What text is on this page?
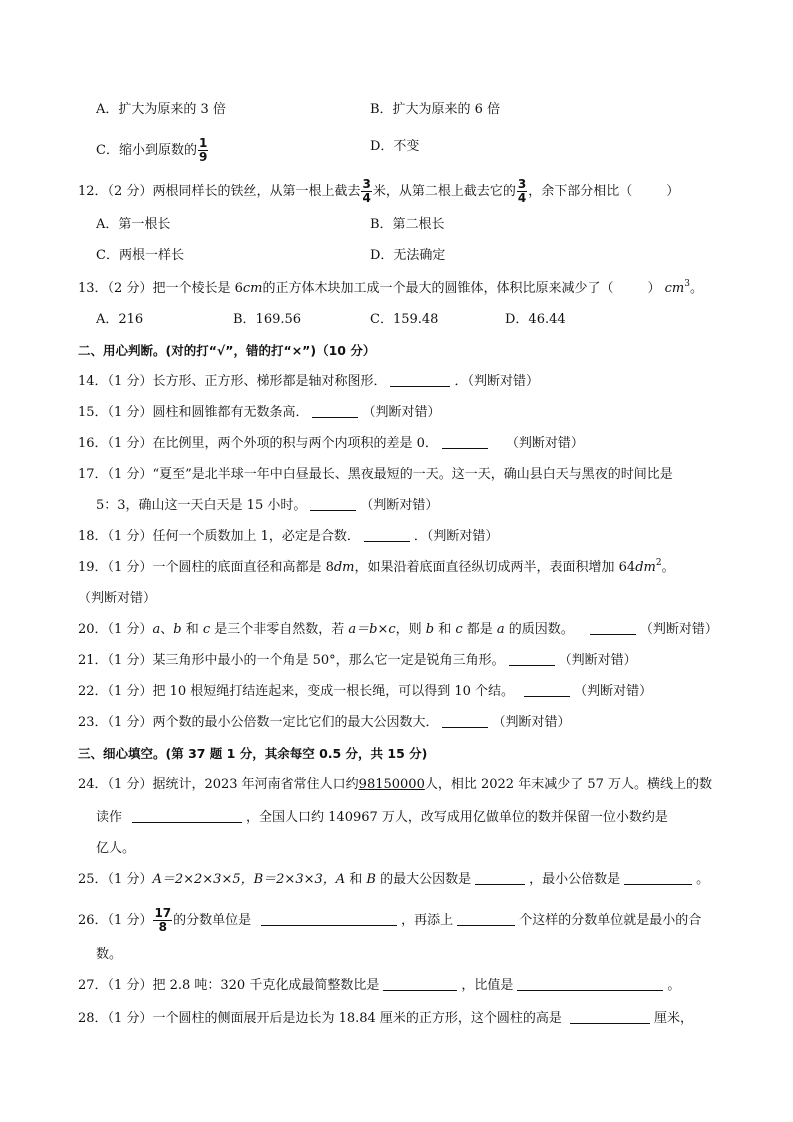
A．扩大为原来的 3 倍	B．扩大为原来的 6 倍
C．缩小到原数的 $\frac{1}{9}$	D．不变
12．（2 分）两根同样长的铁丝，从第一根上截去 $\frac{3}{4}$ 米，从第二根上截去它的 $\frac{3}{4}$ ，余下部分相比（	）
A．第一根长	B．第二根长
C．两根一样长	D．无法确定
13．（2 分）把一个棱长是 6cm的正方体木块加工成一个最大的圆锥体，体积比原来减少了（	） $cm^3$。
A．216	B．169.56	C．159.48	D．46.44
二、用心判断。(对的打“√”，错的打“×”)（10 分）
14．（1 分）长方形、正方形、梯形都是轴对称图形．	．（判断对错）
15．（1 分）圆柱和圆锥都有无数条高．	（判断对错）
16．（1 分）在比例里，两个外项的积与两个内项积的差是 0．	（判断对错）
17．（1 分）“夏至”是北半球一年中白昼最长、黑夜最短的一天。这一天，确山县白天与黑夜的时间比是
5：3，确山这一天白天是 15 小时。	（判断对错）
18．（1 分）任何一个质数加上 1，必定是合数．	．（判断对错）
19．（1 分）一个圆柱的底面直径和高都是 8dm，如果沿着底面直径纵切成两半，表面积增加 $64dm^2$。
（判断对错）
20．（1 分）a、b 和 c 是三个非零自然数，若 a＝b×c，则 b 和 c 都是 a 的质因数。	（判断对错）
21．（1 分）某三角形中最小的一个角是 50°，那么它一定是锐角三角形。	（判断对错）
22．（1 分）把 10 根短绳打结连起来，变成一根长绳，可以得到 10 个结。	（判断对错）
23．（1 分）两个数的最小公倍数一定比它们的最大公因数大．	（判断对错）
三、细心填空。(第 37 题 1 分，其余每空 0.5 分，共 15 分)
24．（1 分）据统计，2023 年河南省常住人口约98150000人，相比 2022 年末减少了 57 万人。横线上的数
读作	，全国人口约 140967 万人，改写成用亿做单位的数并保留一位小数约是
亿人。
25．（1 分）A＝2×2×3×5，B＝2×3×3，A 和 B 的最大公因数是	，最小公倍数是	。
26．（1 分） $\frac{17}{8}$ 的分数单位是	，再添上	个这样的分数单位就是最小的合
数。
27．（1 分）把 2.8 吨：320 千克化成最简整数比是	，比值是	。
28．（1 分）一个圆柱的侧面展开后是边长为 18.84 厘米的正方形，这个圆柱的高是	厘米，
